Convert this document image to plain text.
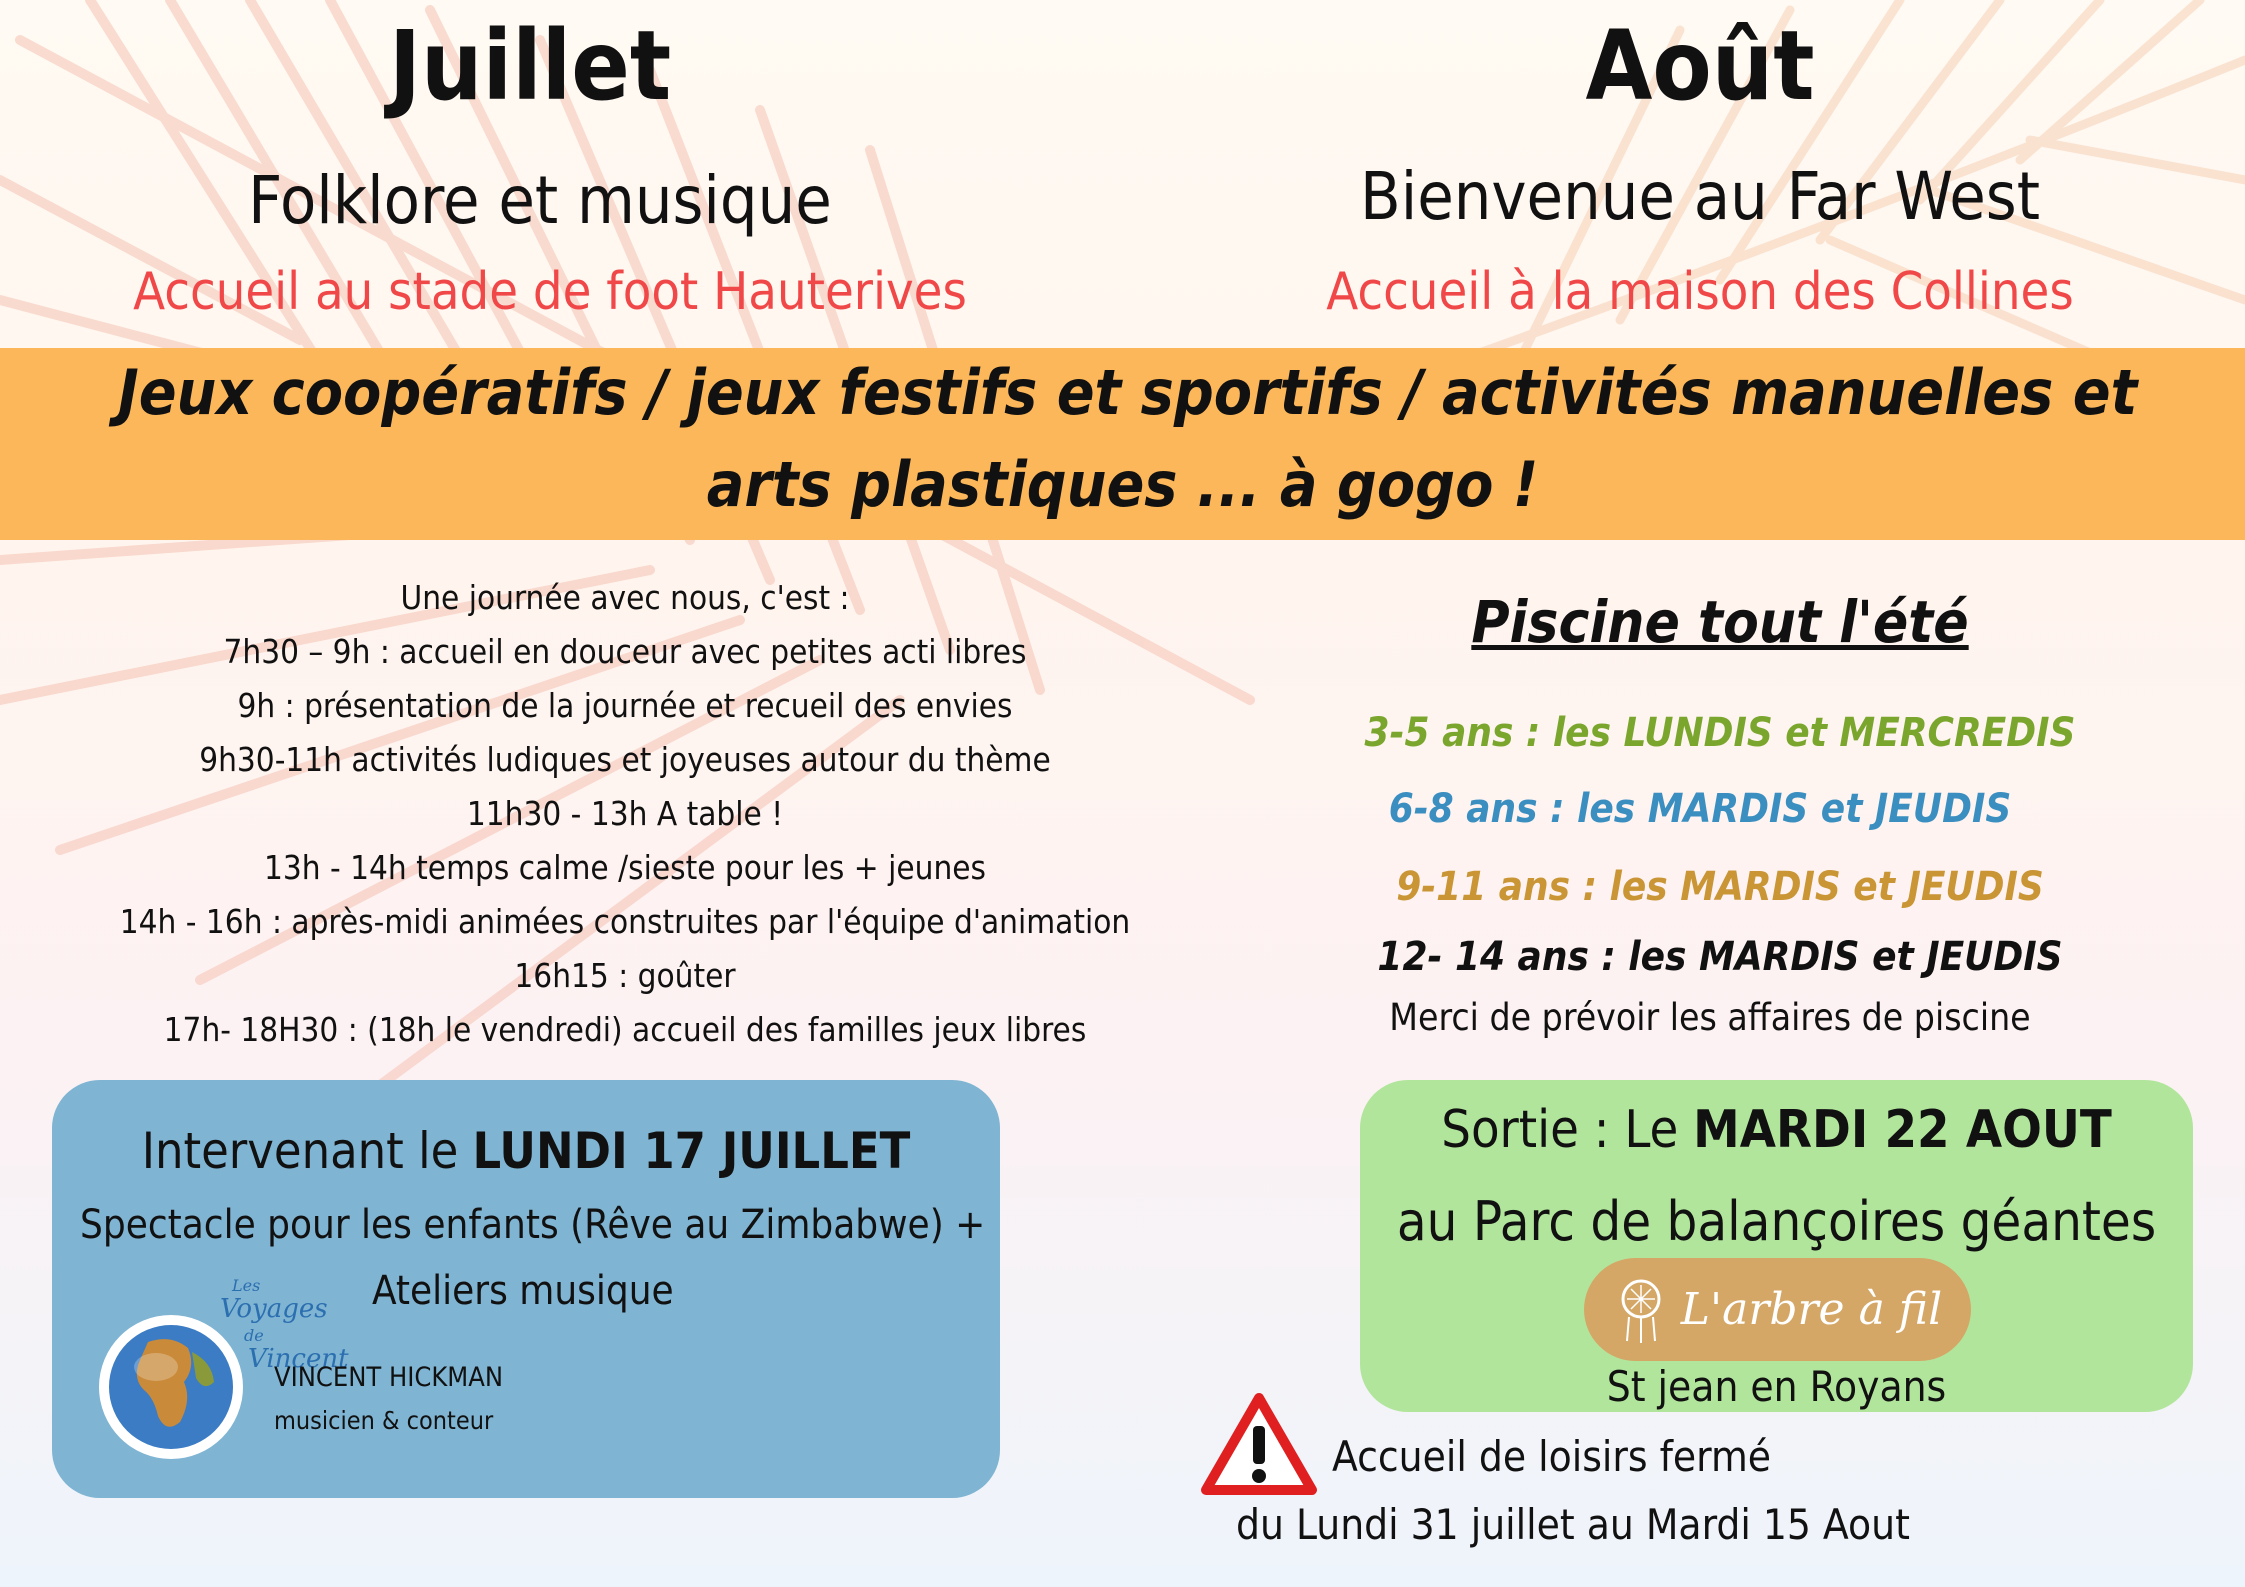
Juillet
Folklore et musique
Accueil au stade de foot Hauterives
Août
Bienvenue au Far West
Accueil à la maison des Collines
Jeux coopératifs / jeux festifs et sportifs / activités manuelles et
arts plastiques ... à gogo !
Une journée avec nous, c'est :
7h30 – 9h : accueil en douceur avec petites acti libres
9h : présentation de la journée et recueil des envies
9h30-11h activités ludiques et joyeuses autour du thème
11h30 - 13h A table !
13h - 14h temps calme /sieste pour les + jeunes
14h - 16h : après-midi animées construites par l'équipe d'animation
16h15 : goûter
17h- 18H30 : (18h le vendredi) accueil des familles jeux libres
Piscine tout l'été
3-5 ans : les LUNDIS et MERCREDIS
6-8 ans : les MARDIS et JEUDIS
9-11 ans : les MARDIS et JEUDIS
12- 14 ans : les MARDIS et JEUDIS
Merci de prévoir les affaires de piscine
Intervenant le LUNDI 17 JUILLET
Spectacle pour les enfants (Rêve au Zimbabwe) +
Ateliers musique
Les
Voyages
de
Vincent
VINCENT HICKMAN
musicien & conteur
Sortie : Le MARDI 22 AOUT
au Parc de balançoires géantes
St jean en Royans
L'arbre à fil
Accueil de loisirs fermé
du Lundi 31 juillet au Mardi 15 Aout
